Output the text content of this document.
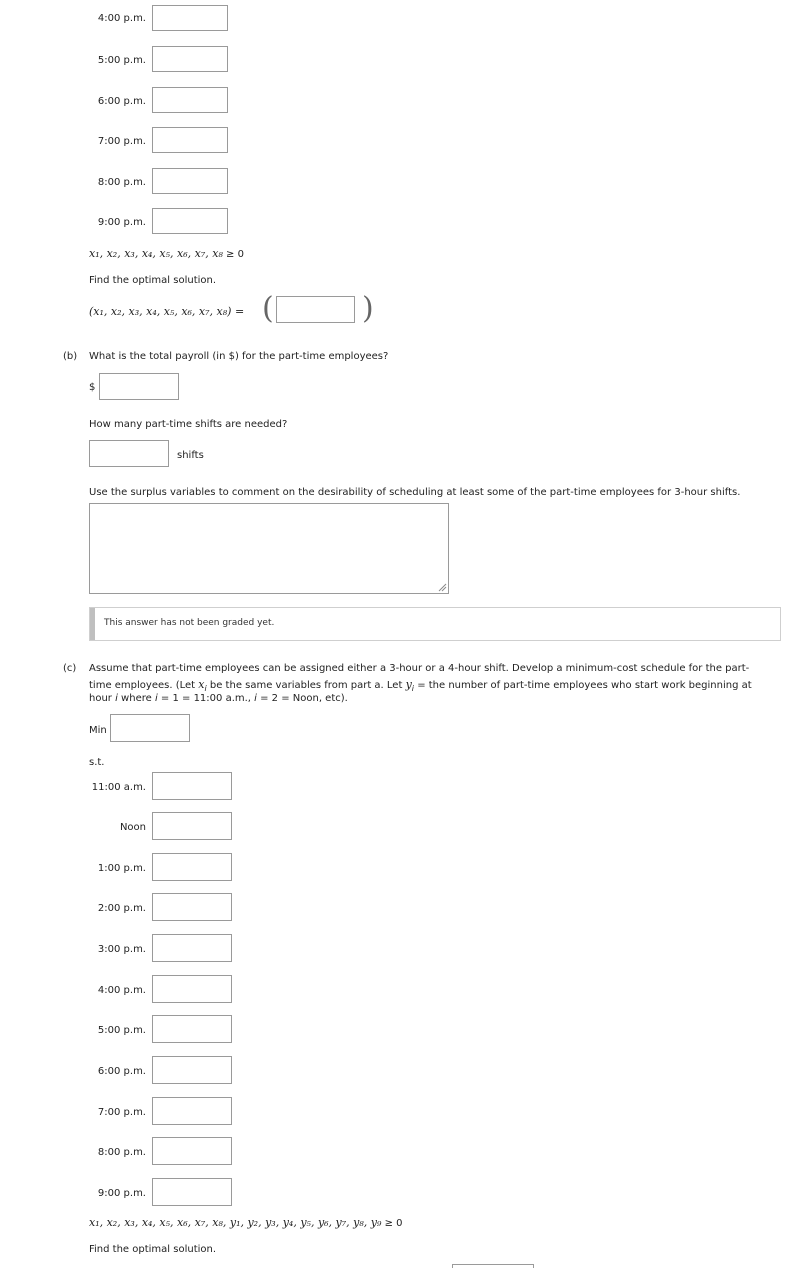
4:00 p.m.
5:00 p.m.
6:00 p.m.
7:00 p.m.
8:00 p.m.
9:00 p.m.
x₁, x₂, x₃, x₄, x₅, x₆, x₇, x₈ ≥ 0
Find the optimal solution.
(x₁, x₂, x₃, x₄, x₅, x₆, x₇, x₈) = (	)
(b) What is the total payroll (in $) for the part-time employees?
$
How many part-time shifts are needed?
shifts
Use the surplus variables to comment on the desirability of scheduling at least some of the part-time employees for 3-hour shifts.
This answer has not been graded yet.
(c) Assume that part-time employees can be assigned either a 3-hour or a 4-hour shift. Develop a minimum-cost schedule for the part-
time employees. (Let $x_i$ be the same variables from part a. Let $y_i$ = the number of part-time employees who start work beginning at
hour i where i = 1 = 11:00 a.m., i = 2 = Noon, etc).
Min
s.t.
11:00 a.m.
Noon
1:00 p.m.
2:00 p.m.
3:00 p.m.
4:00 p.m.
5:00 p.m.
6:00 p.m.
7:00 p.m.
8:00 p.m.
9:00 p.m.
x₁, x₂, x₃, x₄, x₅, x₆, x₇, x₈, y₁, y₂, y₃, y₄, y₅, y₆, y₇, y₈, y₉ ≥ 0
Find the optimal solution.
